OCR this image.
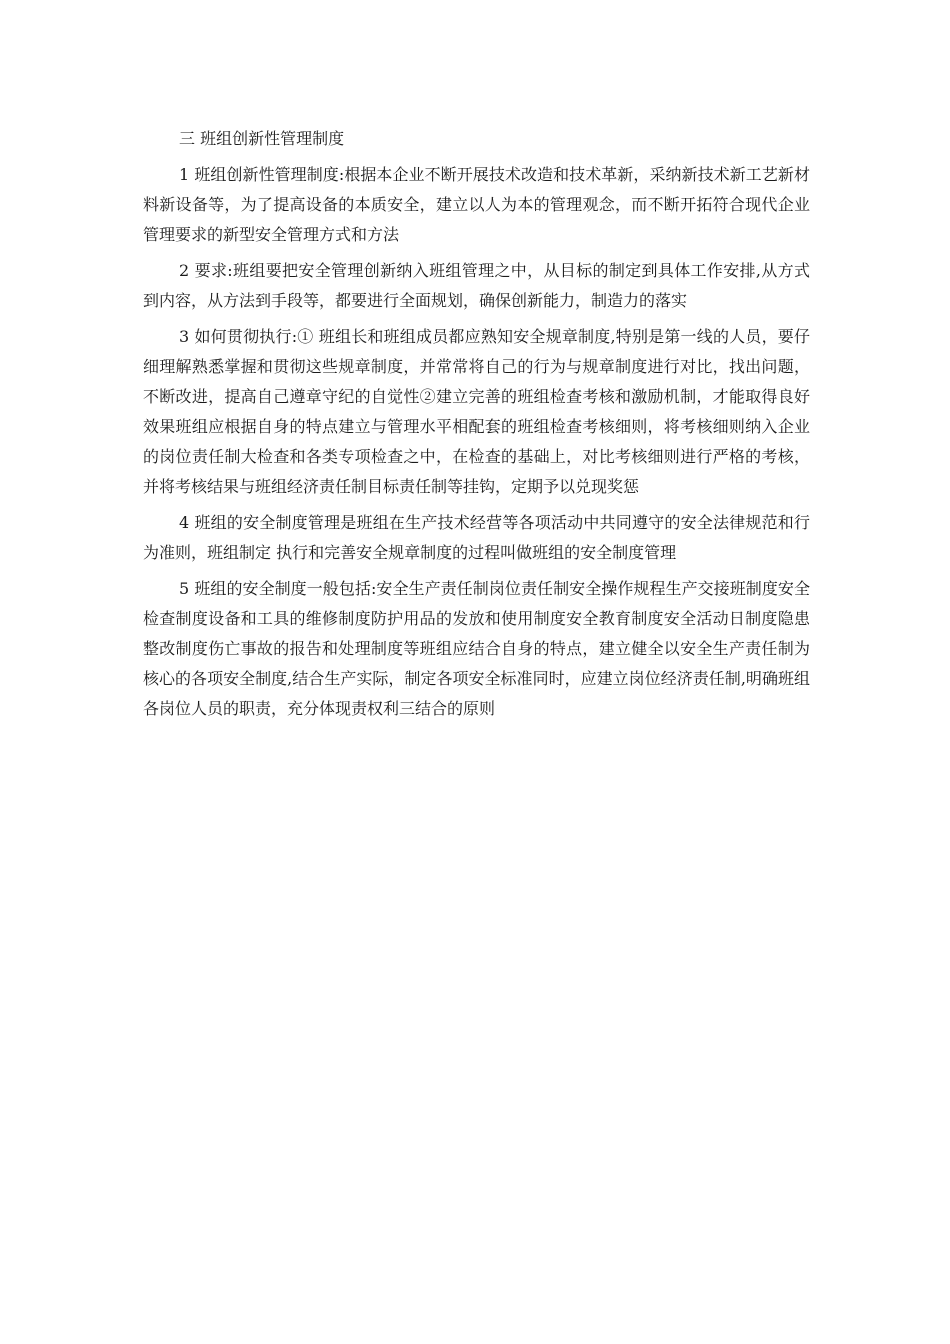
三 班组创新性管理制度

1 班组创新性管理制度:根据本企业不断开展技术改造和技术革新，采纳新技术新工艺新材料新设备等，为了提高设备的本质安全，建立以人为本的管理观念，而不断开拓符合现代企业管理要求的新型安全管理方式和方法

2 要求:班组要把安全管理创新纳入班组管理之中，从目标的制定到具体工作安排,从方式到内容，从方法到手段等，都要进行全面规划，确保创新能力，制造力的落实

3 如何贯彻执行:① 班组长和班组成员都应熟知安全规章制度,特别是第一线的人员，要仔细理解熟悉掌握和贯彻这些规章制度，并常常将自己的行为与规章制度进行对比，找出问题，不断改进，提高自己遵章守纪的自觉性②建立完善的班组检查考核和激励机制，才能取得良好效果班组应根据自身的特点建立与管理水平相配套的班组检查考核细则，将考核细则纳入企业的岗位责任制大检查和各类专项检查之中，在检查的基础上，对比考核细则进行严格的考核，并将考核结果与班组经济责任制目标责任制等挂钩，定期予以兑现奖惩

4 班组的安全制度管理是班组在生产技术经营等各项活动中共同遵守的安全法律规范和行为准则，班组制定 执行和完善安全规章制度的过程叫做班组的安全制度管理

5 班组的安全制度一般包括:安全生产责任制岗位责任制安全操作规程生产交接班制度安全检查制度设备和工具的维修制度防护用品的发放和使用制度安全教育制度安全活动日制度隐患整改制度伤亡事故的报告和处理制度等班组应结合自身的特点，建立健全以安全生产责任制为核心的各项安全制度,结合生产实际，制定各项安全标准同时，应建立岗位经济责任制,明确班组各岗位人员的职责，充分体现责权利三结合的原则
